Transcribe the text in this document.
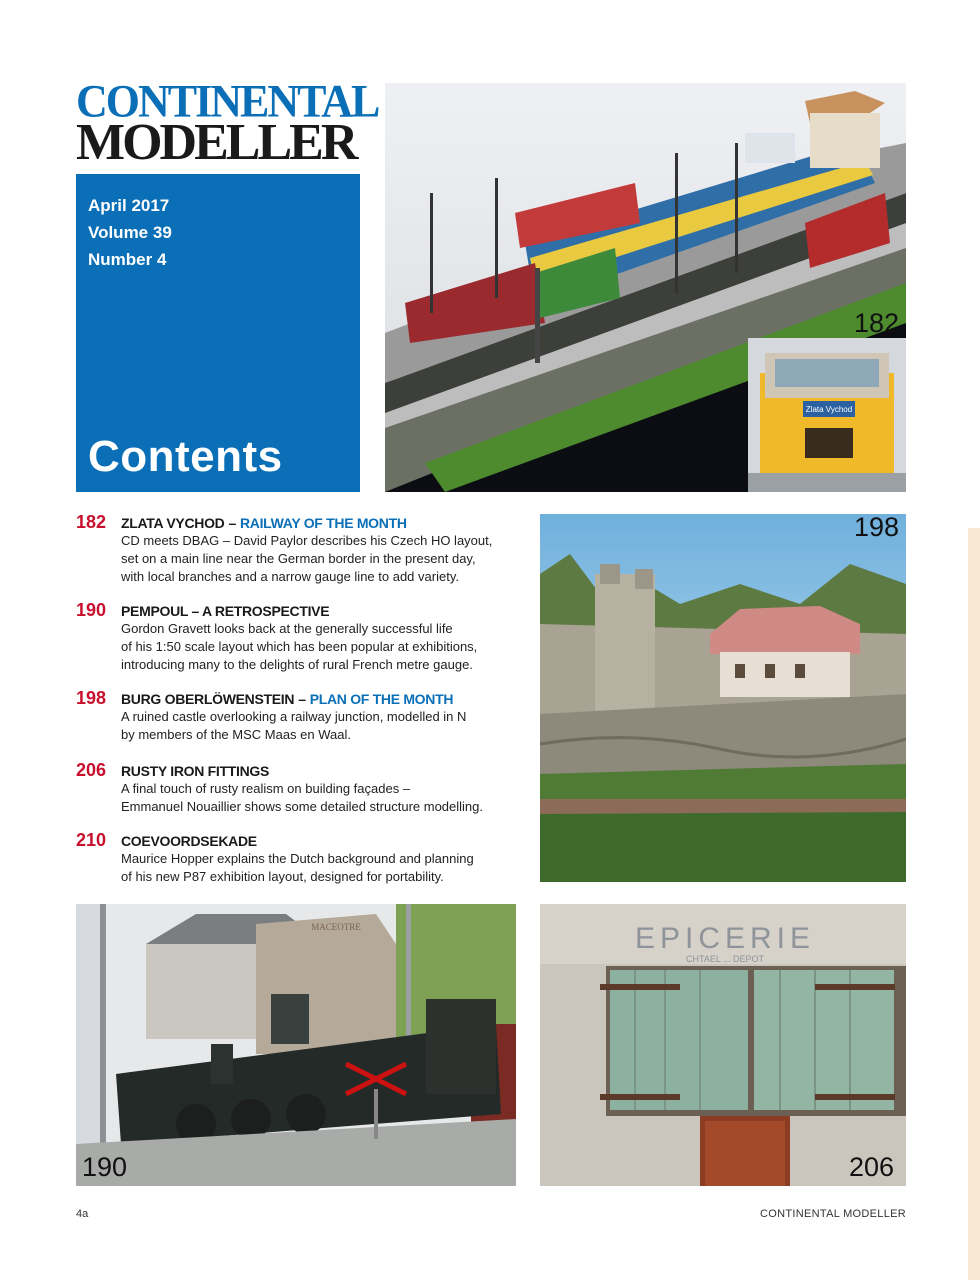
CONTINENTAL
MODELLER
April 2017
Volume 39
Number 4
Contents
Zlata Vychod
182
182 ZLATA VYCHOD – RAILWAY OF THE MONTH
CD meets DBAG – David Paylor describes his Czech HO layout,
set on a main line near the German border in the present day,
with local branches and a narrow gauge line to add variety.
190 PEMPOUL – A RETROSPECTIVE
Gordon Gravett looks back at the generally successful life
of his 1:50 scale layout which has been popular at exhibitions,
introducing many to the delights of rural French metre gauge.
198 BURG OBERLÖWENSTEIN – PLAN OF THE MONTH
A ruined castle overlooking a railway junction, modelled in N
by members of the MSC Maas en Waal.
206 RUSTY IRON FITTINGS
A final touch of rusty realism on building façades –
Emmanuel Nouaillier shows some detailed structure modelling.
210 COEVOORDSEKADE
Maurice Hopper explains the Dutch background and planning
of his new P87 exhibition layout, designed for portability.
198
MACEOTRE
190
EPICERIE
CHTAEL ... DEPOT
206
4a	CONTINENTAL MODELLER
